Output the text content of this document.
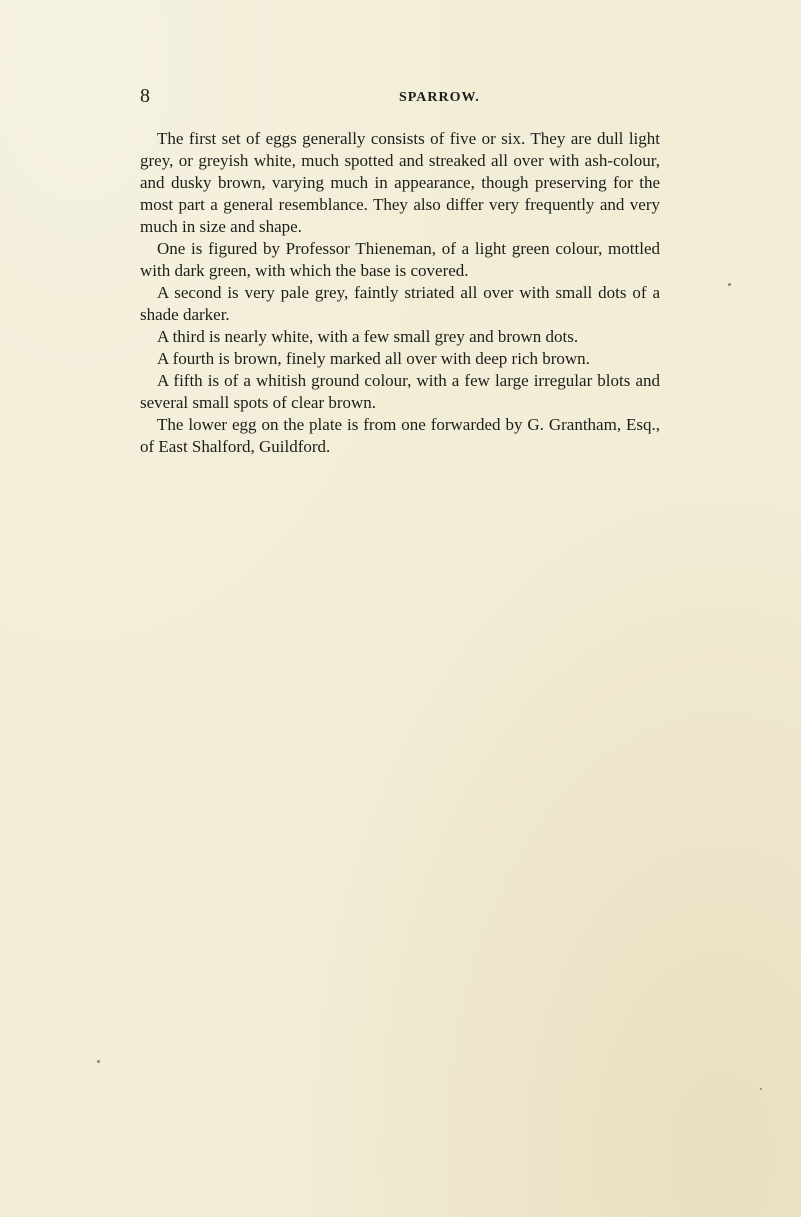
8	SPARROW.

The first set of eggs generally consists of five or six. They are dull light grey, or greyish white, much spotted and streaked all over with ash-colour, and dusky brown, varying much in appearance, though preserving for the most part a general resemblance. They also differ very frequently and very much in size and shape.

One is figured by Professor Thieneman, of a light green colour, mottled with dark green, with which the base is covered.

A second is very pale grey, faintly striated all over with small dots of a shade darker.

A third is nearly white, with a few small grey and brown dots.

A fourth is brown, finely marked all over with deep rich brown.

A fifth is of a whitish ground colour, with a few large irregular blots and several small spots of clear brown.

The lower egg on the plate is from one forwarded by G. Grantham, Esq., of East Shalford, Guildford.
